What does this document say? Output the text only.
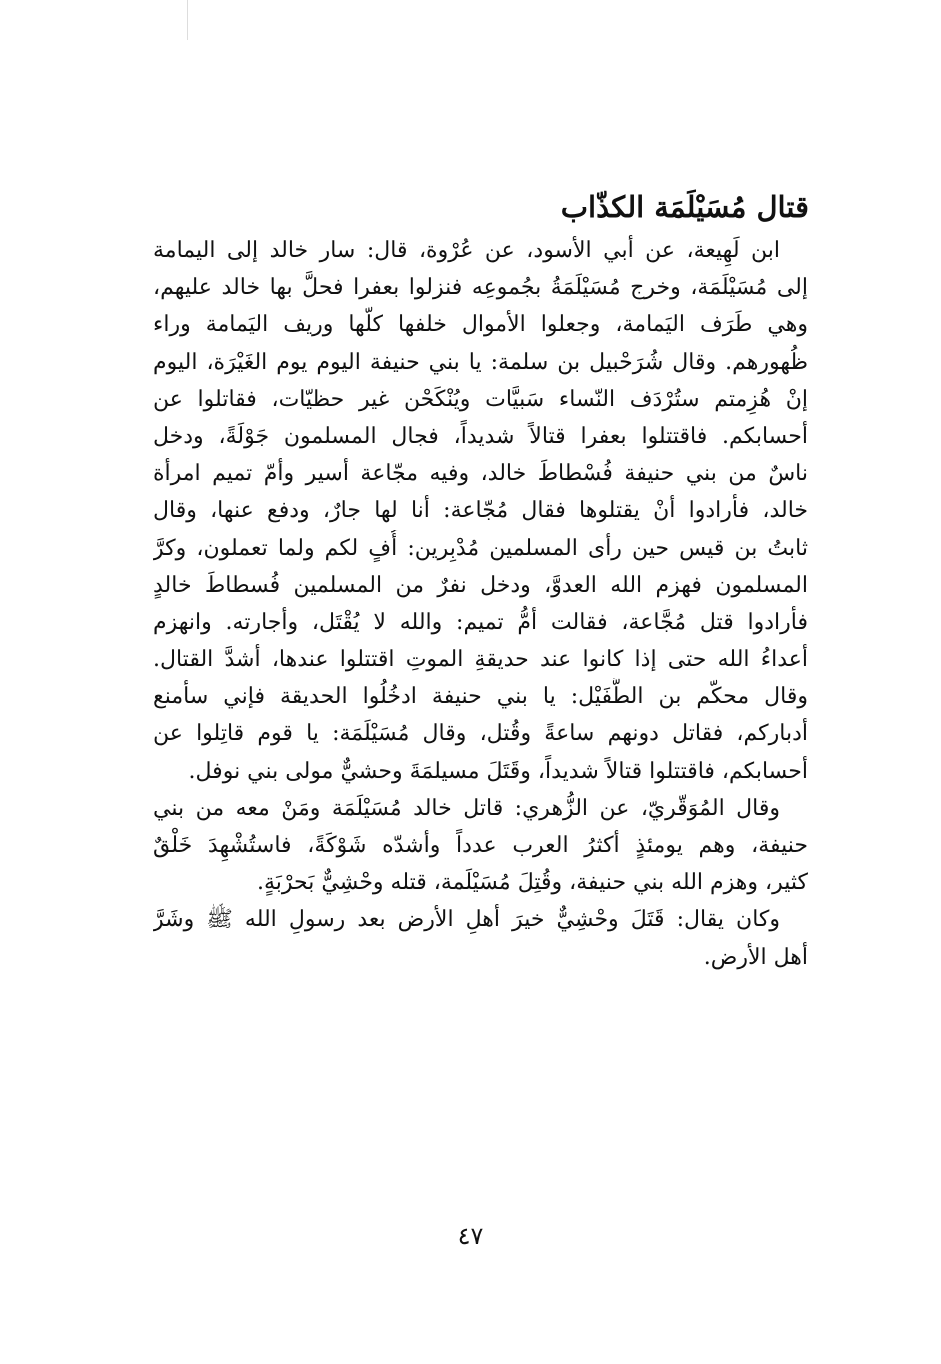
قتال مُسَيْلَمَة الكذّاب
ابن لَهِيعة، عن أبي الأسود، عن عُرْوة، قال: سار خالد إلى اليمامة
إلى مُسَيْلَمَة، وخرج مُسَيْلَمَةُ بجُموعِه فنزلوا بعفرا فحلَّ بها خالد عليهم،
وهي طَرَف اليَمامة، وجعلوا الأموال خلفها كلّها وريف اليَمامة وراء
ظُهورهم. وقال شُرَحْبيل بن سلمة: يا بني حنيفة اليوم يوم الغَيْرَة، اليوم
إنْ هُزِمتم ستُرْدَف النّساء سَبيَّات ويُنْكَحْن غير حظيّات، فقاتلوا عن
أحسابكم. فاقتتلوا بعفرا قتالاً شديداً، فجال المسلمون جَوْلَةً، ودخل
ناسٌ من بني حنيفة فُسْطاطَ خالد، وفيه مجّاعة أسير وأمّ تميم امرأة
خالد، فأرادوا أنْ يقتلوها فقال مُجّاعة: أنا لها جارٌ، ودفع عنها، وقال
ثابتُ بن قيس حين رأى المسلمين مُدْبِرين: أُفٍ لكم ولما تعملون، وكرَّ
المسلمون فهزم الله العدوَّ، ودخل نفرٌ من المسلمين فُسطاطَ خالدٍ
فأرادوا قتل مُجَّاعة، فقالت أمُّ تميم: والله لا يُقْتَل، وأجارته. وانهزم
أعداءُ الله حتى إذا كانوا عند حديقةِ الموتِ اقتتلوا عندها، أشدَّ القتال.
وقال محكّم بن الطُّفَيْل: يا بني حنيفة ادخُلُوا الحديقة فإني سأمنع
أدباركم، فقاتل دونهم ساعةً وقُتل، وقال مُسَيْلَمَة: يا قوم قاتِلوا عن
أحسابكم، فاقتتلوا قتالاً شديداً، وقَتَلَ مسيلمَةَ وحشيٌّ مولى بني نوفل.
وقال المُوَقّريّ، عن الزُّهري: قاتل خالد مُسَيْلَمَة ومَنْ معه من بني
حنيفة، وهم يومئذٍ أكثرُ العرب عدداً وأشدّه شَوْكَةً، فاستُشْهِدَ خَلْقٌ
كثير، وهزم الله بني حنيفة، وقُتِلَ مُسَيْلَمة، قتله وحْشِيٌّ بَحرْبَةٍ.
وكان يقال: قَتَلَ وحْشِيٌّ خيرَ أهلِ الأرض بعد رسولِ الله ﷺ وشَرَّ
أهل الأرض.
٤٧
